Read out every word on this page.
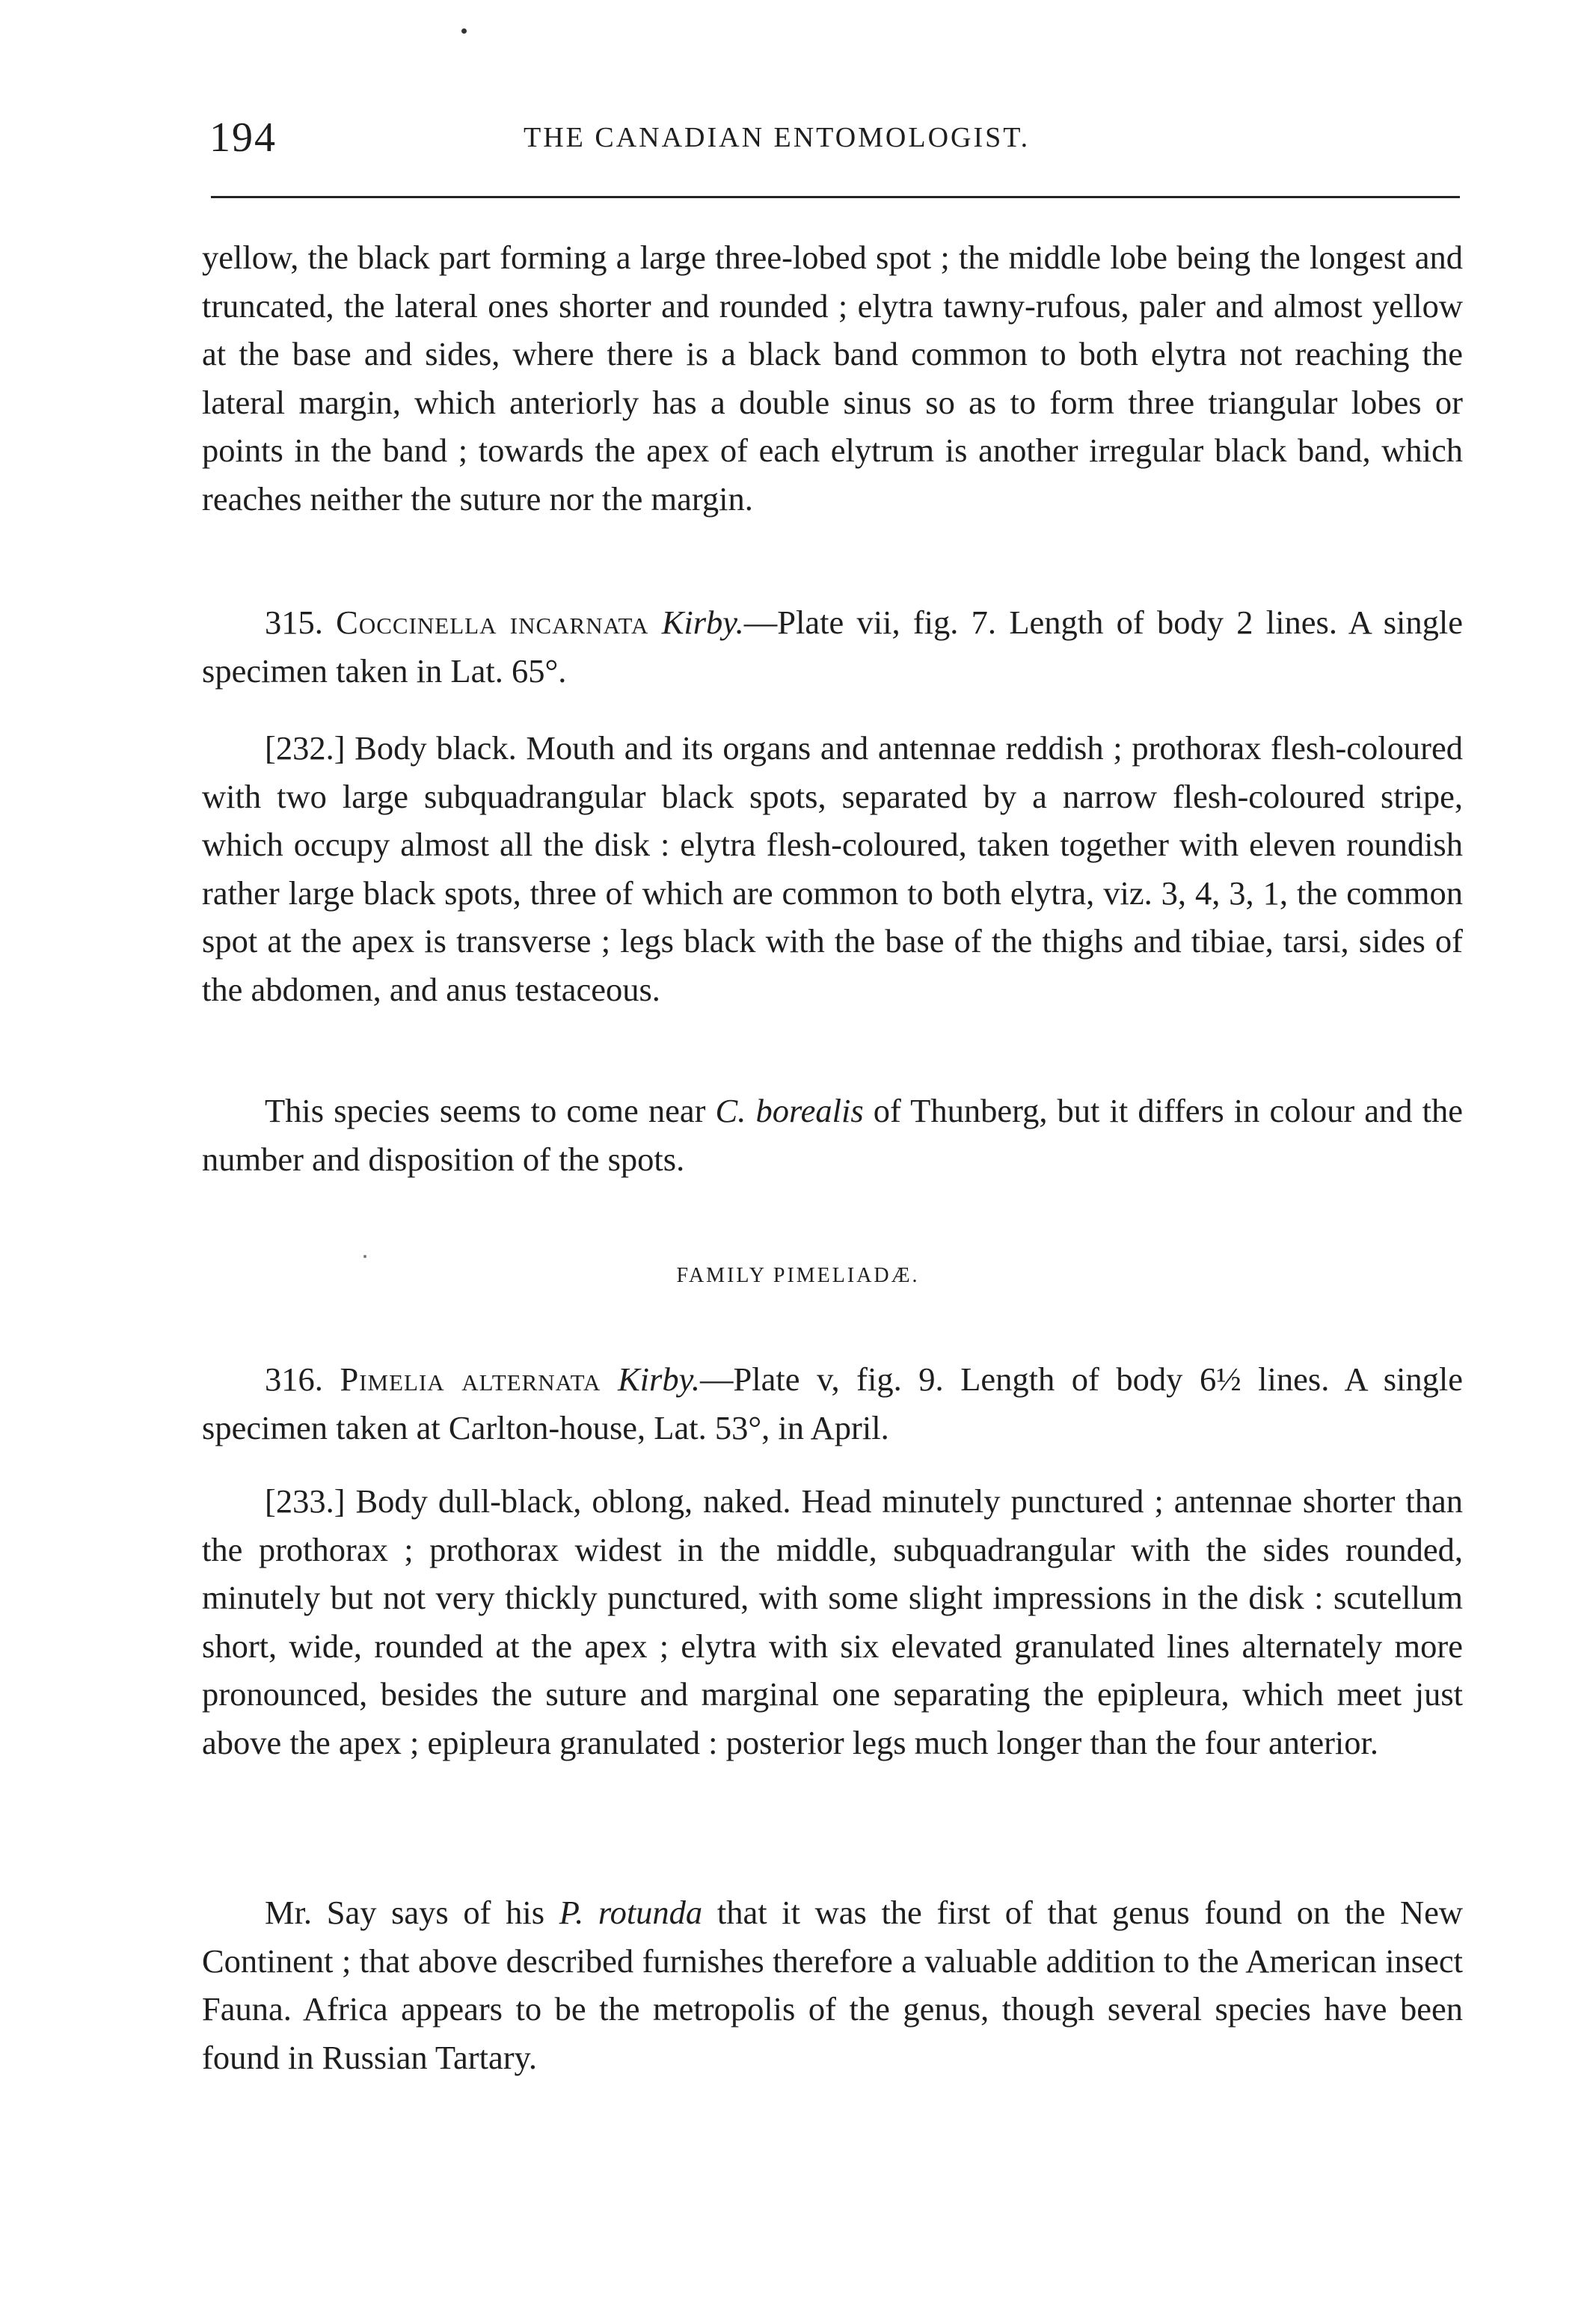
194	THE CANADIAN ENTOMOLOGIST.

yellow, the black part forming a large three-lobed spot ; the middle lobe being the longest and truncated, the lateral ones shorter and rounded ; elytra tawny-rufous, paler and almost yellow at the base and sides, where there is a black band common to both elytra not reaching the lateral margin, which anteriorly has a double sinus so as to form three triangular lobes or points in the band ; towards the apex of each elytrum is another irregular black band, which reaches neither the suture nor the margin.

315. Coccinella incarnata Kirby.—Plate vii, fig. 7. Length of body 2 lines. A single specimen taken in Lat. 65°.

[232.] Body black. Mouth and its organs and antennae reddish ; prothorax flesh-coloured with two large subquadrangular black spots, separated by a narrow flesh-coloured stripe, which occupy almost all the disk : elytra flesh-coloured, taken together with eleven roundish rather large black spots, three of which are common to both elytra, viz. 3, 4, 3, 1, the common spot at the apex is transverse ; legs black with the base of the thighs and tibiae, tarsi, sides of the abdomen, and anus testaceous.

This species seems to come near C. borealis of Thunberg, but it differs in colour and the number and disposition of the spots.

FAMILY PIMELIADÆ.

316. Pimelia alternata Kirby.—Plate v, fig. 9. Length of body 6½ lines. A single specimen taken at Carlton-house, Lat. 53°, in April.

[233.] Body dull-black, oblong, naked. Head minutely punctured ; antennae shorter than the prothorax ; prothorax widest in the middle, subquadrangular with the sides rounded, minutely but not very thickly punctured, with some slight impressions in the disk : scutellum short, wide, rounded at the apex ; elytra with six elevated granulated lines alternately more pronounced, besides the suture and marginal one separating the epipleura, which meet just above the apex ; epipleura granulated : posterior legs much longer than the four anterior.

Mr. Say says of his P. rotunda that it was the first of that genus found on the New Continent ; that above described furnishes therefore a valuable addition to the American insect Fauna. Africa appears to be the metropolis of the genus, though several species have been found in Russian Tartary.
